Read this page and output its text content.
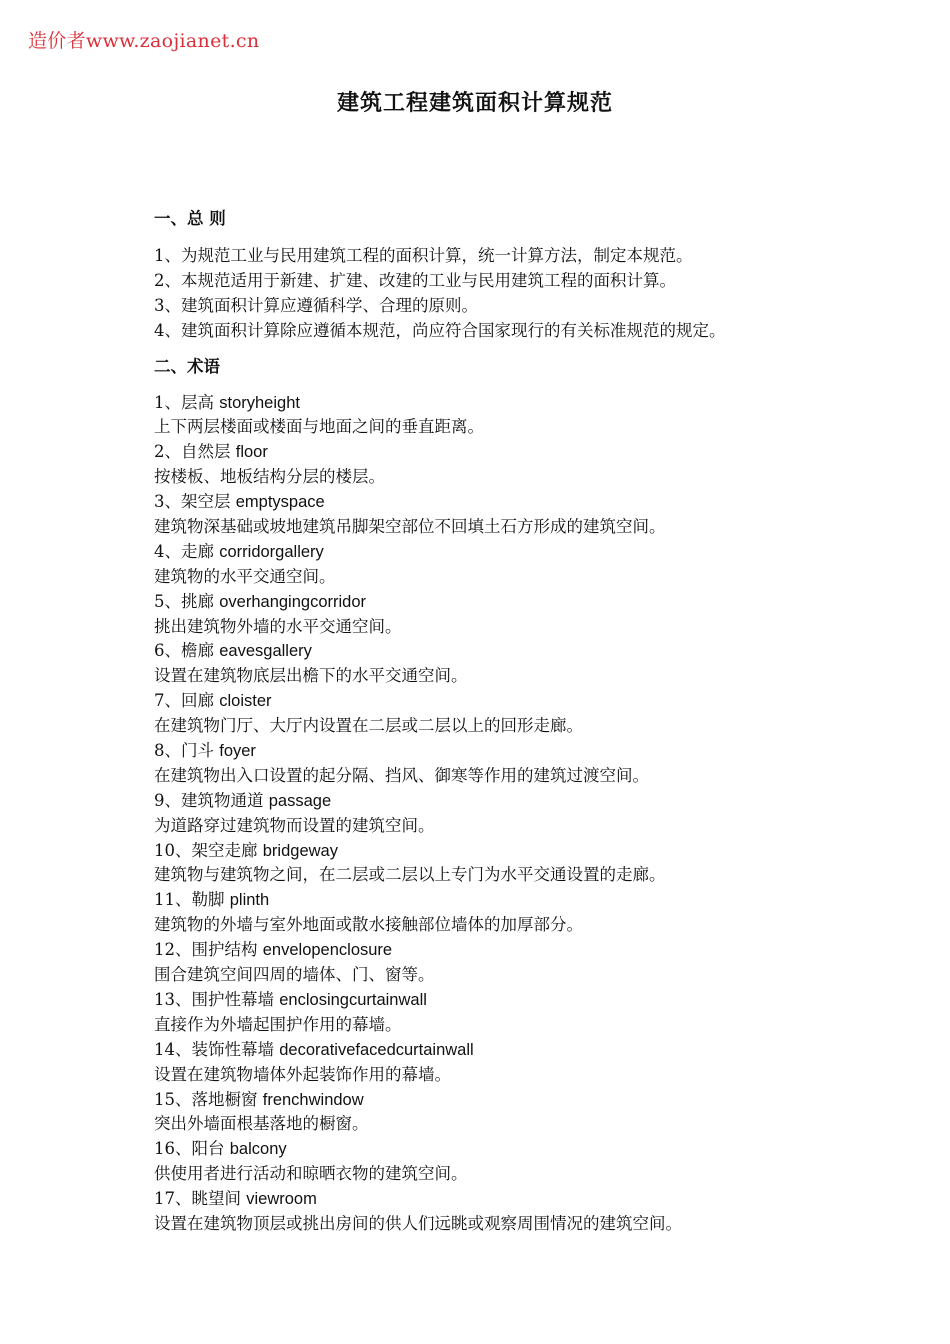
造价者www.zaojianet.cn
建筑工程建筑面积计算规范
一、总 则
1、为规范工业与民用建筑工程的面积计算，统一计算方法，制定本规范。
2、本规范适用于新建、扩建、改建的工业与民用建筑工程的面积计算。
3、建筑面积计算应遵循科学、合理的原则。
4、建筑面积计算除应遵循本规范，尚应符合国家现行的有关标准规范的规定。
二、术语
1、层高 storyheight
上下两层楼面或楼面与地面之间的垂直距离。
2、自然层 floor
按楼板、地板结构分层的楼层。
3、架空层 emptyspace
建筑物深基础或坡地建筑吊脚架空部位不回填土石方形成的建筑空间。
4、走廊 corridorgallery
建筑物的水平交通空间。
5、挑廊 overhangingcorridor
挑出建筑物外墙的水平交通空间。
6、檐廊 eavesgallery
设置在建筑物底层出檐下的水平交通空间。
7、回廊 cloister
在建筑物门厅、大厅内设置在二层或二层以上的回形走廊。
8、门斗 foyer
在建筑物出入口设置的起分隔、挡风、御寒等作用的建筑过渡空间。
9、建筑物通道 passage
为道路穿过建筑物而设置的建筑空间。
10、架空走廊 bridgeway
建筑物与建筑物之间，在二层或二层以上专门为水平交通设置的走廊。
11、勒脚 plinth
建筑物的外墙与室外地面或散水接触部位墙体的加厚部分。
12、围护结构 envelopenclosure
围合建筑空间四周的墙体、门、窗等。
13、围护性幕墙 enclosingcurtainwall
直接作为外墙起围护作用的幕墙。
14、装饰性幕墙 decorativefacedcurtainwall
设置在建筑物墙体外起装饰作用的幕墙。
15、落地橱窗 frenchwindow
突出外墙面根基落地的橱窗。
16、阳台 balcony
供使用者进行活动和晾晒衣物的建筑空间。
17、眺望间 viewroom
设置在建筑物顶层或挑出房间的供人们远眺或观察周围情况的建筑空间。
